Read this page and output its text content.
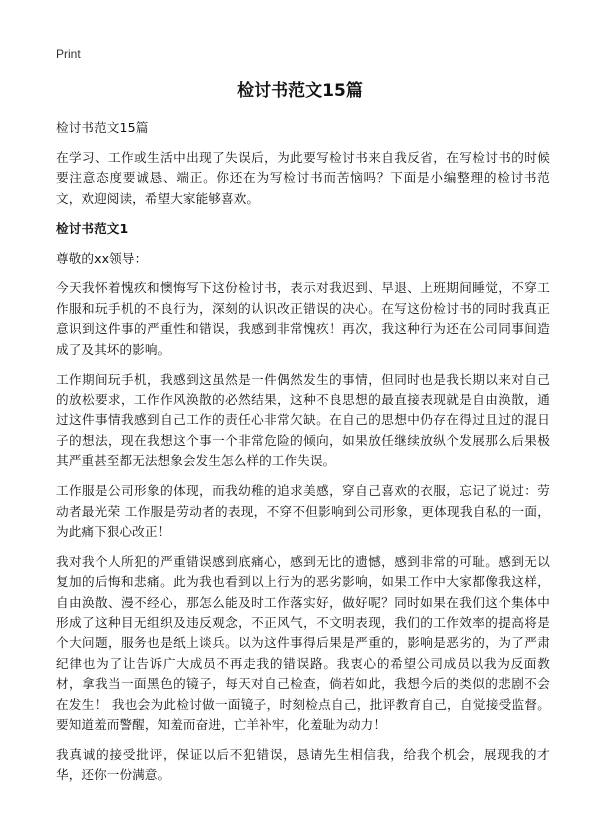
Print
检讨书范文15篇

检讨书范文15篇

在学习、工作或生活中出现了失误后，为此要写检讨书来自我反省，在写检讨书的时候要注意态度要诚恳、端正。你还在为写检讨书而苦恼吗？下面是小编整理的检讨书范文，欢迎阅读，希望大家能够喜欢。

检讨书范文1

尊敬的xx领导：

今天我怀着愧疚和懊悔写下这份检讨书，表示对我迟到、早退、上班期间睡觉，不穿工作服和玩手机的不良行为，深刻的认识改正错误的决心。在写这份检讨书的同时我真正意识到这件事的严重性和错误，我感到非常愧疚！再次，我这种行为还在公司同事间造成了及其坏的影响。

工作期间玩手机，我感到这虽然是一件偶然发生的事情，但同时也是我长期以来对自己的放松要求，工作作风涣散的必然结果，这种不良思想的最直接表现就是自由涣散，通过这件事情我感到自己工作的责任心非常欠缺。在自己的思想中仍存在得过且过的混日子的想法，现在我想这个事一个非常危险的倾向，如果放任继续放纵个发展那么后果极其严重甚至都无法想象会发生怎么样的工作失误。

工作服是公司形象的体现，而我幼稚的追求美感，穿自己喜欢的衣服，忘记了说过：劳动者最光荣 工作服是劳动者的表现，不穿不但影响到公司形象，更体现我自私的一面，为此痛下狠心改正！

我对我个人所犯的严重错误感到底痛心，感到无比的遗憾，感到非常的可耻。感到无以复加的后悔和悲痛。此为我也看到以上行为的恶劣影响，如果工作中大家都像我这样，自由涣散、漫不经心，那怎么能及时工作落实好，做好呢？同时如果在我们这个集体中形成了这种目无组织及违反观念，不正风气，不文明表现，我们的工作效率的提高将是个大问题，服务也是纸上谈兵。以为这件事得后果是严重的，影响是恶劣的，为了严肃纪律也为了让告诉广大成员不再走我的错误路。我衷心的希望公司成员以我为反面教材，拿我当一面黑色的镜子，每天对自己检查，倘若如此，我想今后的类似的悲剧不会在发生！ 我也会为此检讨做一面镜子，时刻检点自己，批评教育自己，自觉接受监督。要知道羞而警醒，知羞而奋进，亡羊补牢，化羞耻为动力！

我真诚的接受批评，保证以后不犯错误，恳请先生相信我，给我个机会，展现我的才华，还你一份满意。
